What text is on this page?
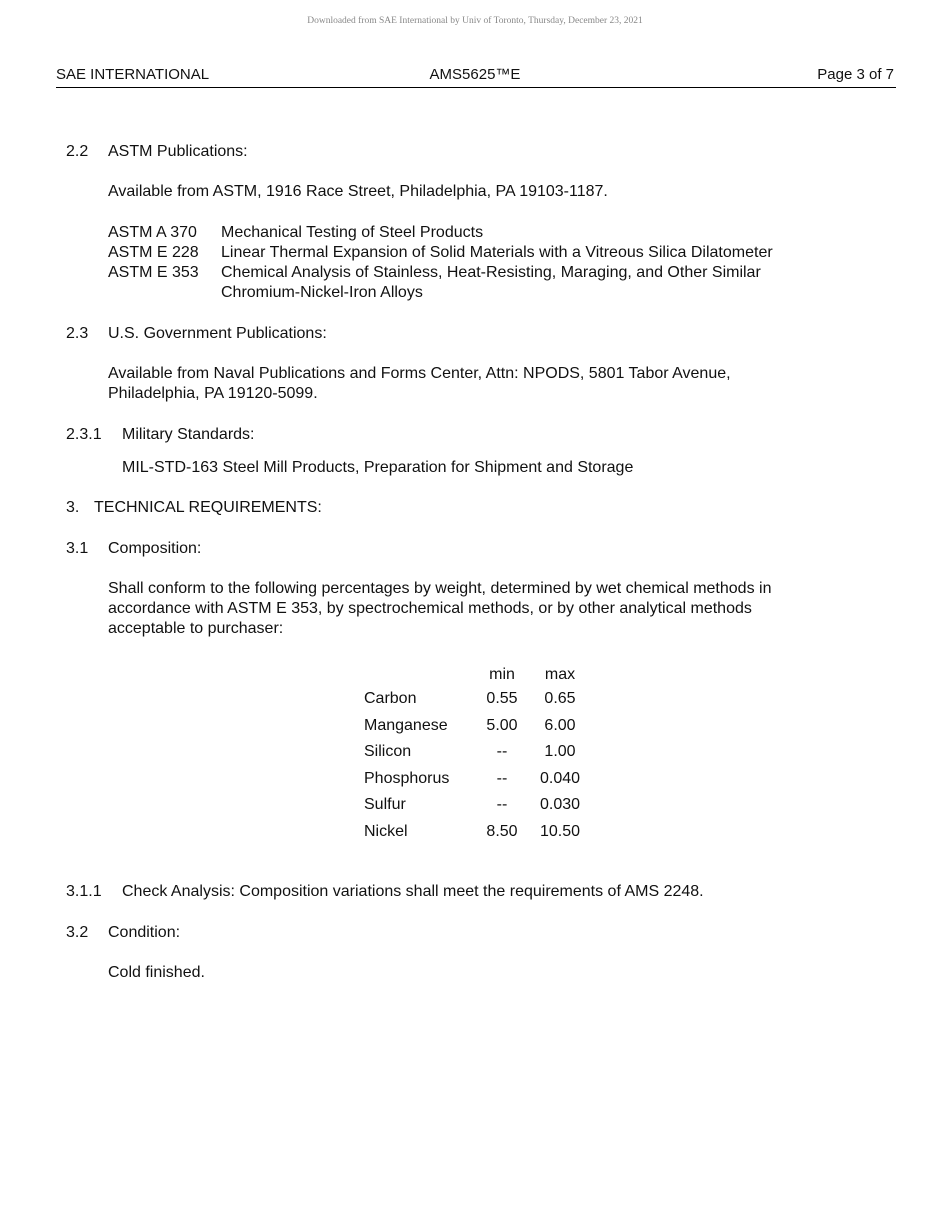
Downloaded from SAE International by Univ of Toronto, Thursday, December 23, 2021
SAE INTERNATIONAL	AMS5625™E	Page 3 of 7
2.2 ASTM Publications:
Available from ASTM, 1916 Race Street, Philadelphia, PA 19103-1187.
ASTM A 370 Mechanical Testing of Steel Products
ASTM E 228 Linear Thermal Expansion of Solid Materials with a Vitreous Silica Dilatometer
ASTM E 353 Chemical Analysis of Stainless, Heat-Resisting, Maraging, and Other Similar
Chromium-Nickel-Iron Alloys
2.3 U.S. Government Publications:
Available from Naval Publications and Forms Center, Attn: NPODS, 5801 Tabor Avenue,
Philadelphia, PA 19120-5099.
2.3.1 Military Standards:
MIL-STD-163 Steel Mill Products, Preparation for Shipment and Storage
3. TECHNICAL REQUIREMENTS:
3.1 Composition:
Shall conform to the following percentages by weight, determined by wet chemical methods in
accordance with ASTM E 353, by spectrochemical methods, or by other analytical methods
acceptable to purchaser:
	min	max
Carbon	0.55	0.65
Manganese	5.00	6.00
Silicon	--	1.00
Phosphorus	--	0.040
Sulfur	--	0.030
Nickel	8.50	10.50
3.1.1 Check Analysis: Composition variations shall meet the requirements of AMS 2248.
3.2 Condition:
Cold finished.
